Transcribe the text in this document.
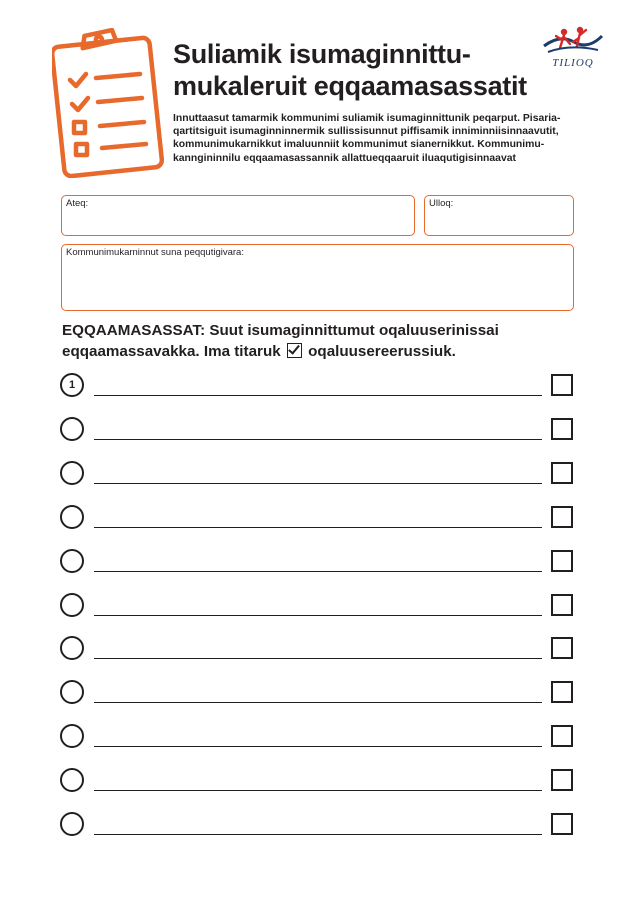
Suliamik isumaginnittu-
mukaleruit eqqaamasassatit
TILIOQ
Innuttaasut tamarmik kommunimi suliamik isumaginnittunik peqarput. Pisaria-
qartitsiguit isumaginninnermik sullissisunnut piffisamik inniminniisinnaavutit,
kommunimukarnikkut imaluunniit kommunimut sianernikkut. Kommunimu-
kanngininnilu eqqaamasassannik allattueqqaaruit iluaqutigisinnaavat
Ateq:	Ulloq:
Kommunimukarninnut suna peqqutigivara:
EQQAAMASASSAT: Suut isumaginnittumut oqaluuserinissai
eqqaamassavakka. Ima titaruk oqaluusereerussiuk.
1
